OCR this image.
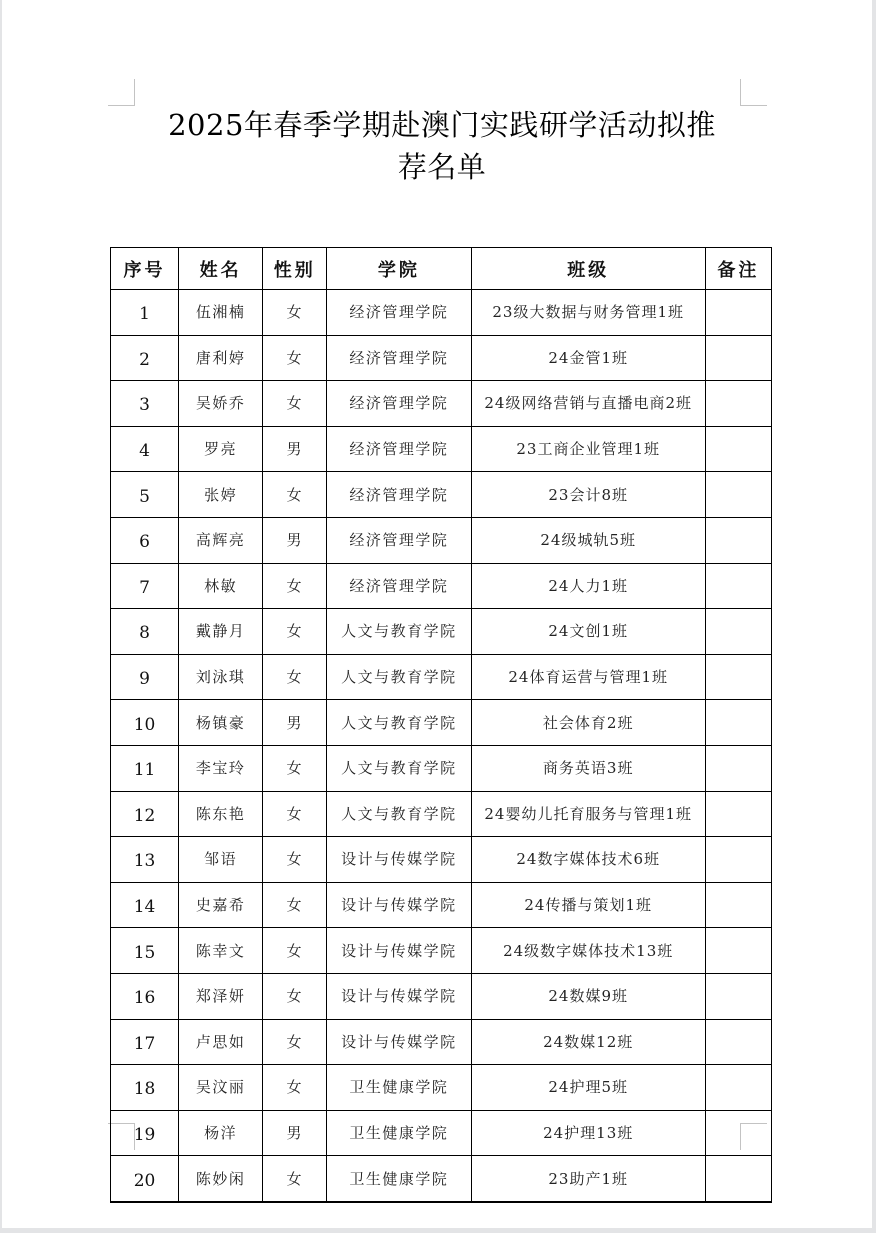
2025年春季学期赴澳门实践研学活动拟推
荐名单
序号	姓名	性别	学院	班级	备注
1	伍湘楠	女	经济管理学院	23级大数据与财务管理1班	
2	唐利婷	女	经济管理学院	24金管1班	
3	吴娇乔	女	经济管理学院	24级网络营销与直播电商2班	
4	罗亮	男	经济管理学院	23工商企业管理1班	
5	张婷	女	经济管理学院	23会计8班	
6	高辉亮	男	经济管理学院	24级城轨5班	
7	林敏	女	经济管理学院	24人力1班	
8	戴静月	女	人文与教育学院	24文创1班	
9	刘泳琪	女	人文与教育学院	24体育运营与管理1班	
10	杨镇豪	男	人文与教育学院	社会体育2班	
11	李宝玲	女	人文与教育学院	商务英语3班	
12	陈东艳	女	人文与教育学院	24婴幼儿托育服务与管理1班	
13	邹语	女	设计与传媒学院	24数字媒体技术6班	
14	史嘉希	女	设计与传媒学院	24传播与策划1班	
15	陈幸文	女	设计与传媒学院	24级数字媒体技术13班	
16	郑泽妍	女	设计与传媒学院	24数媒9班	
17	卢思如	女	设计与传媒学院	24数媒12班	
18	吴汶丽	女	卫生健康学院	24护理5班	
19	杨洋	男	卫生健康学院	24护理13班	
20	陈妙闲	女	卫生健康学院	23助产1班	
